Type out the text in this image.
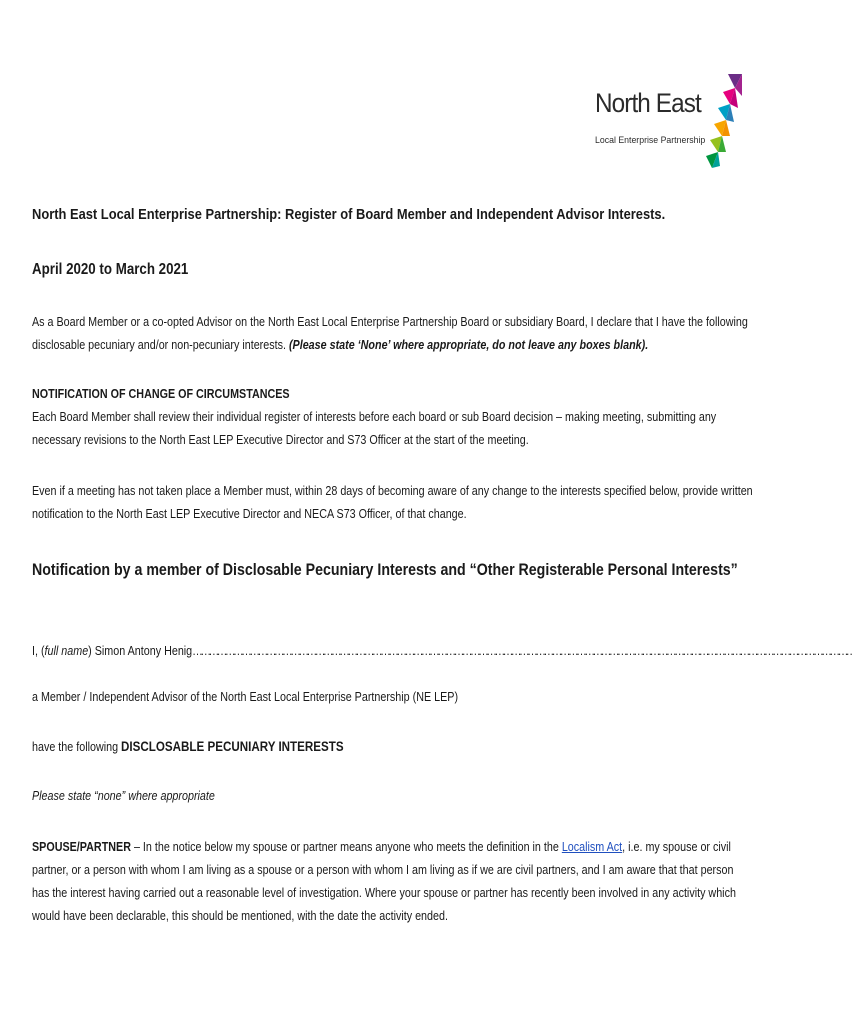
North East
Local Enterprise Partnership
North East Local Enterprise Partnership: Register of Board Member and Independent Advisor Interests.
April 2020 to March 2021
As a Board Member or a co-opted Advisor on the North East Local Enterprise Partnership Board or subsidiary Board, I declare that I have the following
disclosable pecuniary and/or non-pecuniary interests. (Please state ‘None’ where appropriate, do not leave any boxes blank).
NOTIFICATION OF CHANGE OF CIRCUMSTANCES
Each Board Member shall review their individual register of interests before each board or sub Board decision – making meeting, submitting any
necessary revisions to the North East LEP Executive Director and S73 Officer at the start of the meeting.
Even if a meeting has not taken place a Member must, within 28 days of becoming aware of any change to the interests specified below, provide written
notification to the North East LEP Executive Director and NECA S73 Officer, of that change.
Notification by a member of Disclosable Pecuniary Interests and “Other Registerable Personal Interests”
I, (full name) Simon Antony Henig………………………………………………………………………………………………………………………………………………………………………………………………………………………
a Member / Independent Advisor of the North East Local Enterprise Partnership (NE LEP)
have the following DISCLOSABLE PECUNIARY INTERESTS
Please state “none” where appropriate
SPOUSE/PARTNER – In the notice below my spouse or partner means anyone who meets the definition in the Localism Act, i.e. my spouse or civil
partner, or a person with whom I am living as a spouse or a person with whom I am living as if we are civil partners, and I am aware that that person
has the interest having carried out a reasonable level of investigation. Where your spouse or partner has recently been involved in any activity which
would have been declarable, this should be mentioned, with the date the activity ended.
